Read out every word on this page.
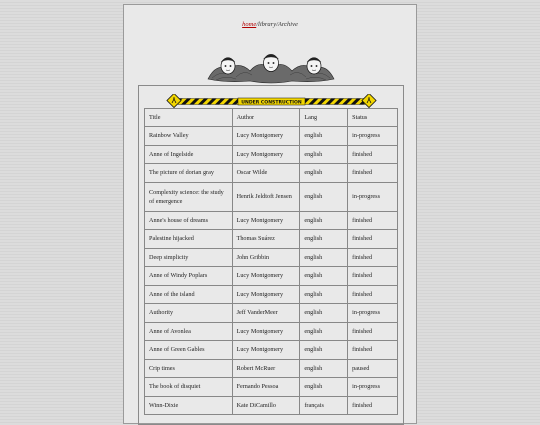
home/library/Archive
UNDER CONSTRUCTION
Title	Author	Lang	Status
Rainbow Valley	Lucy Montgomery	english	in-progress
Anne of Ingelside	Lucy Montgomery	english	finished
The picture of dorian gray	Oscar Wilde	english	finished
Complexity science: the study of emergence	Henrik Jeldtoft Jensen	english	in-progress
Anne's house of dreams	Lucy Montgomery	english	finished
Palestine hijacked	Thomas Suárez	english	finished
Deep simplicity	John Gribbin	english	finished
Anne of Windy Poplars	Lucy Montgomery	english	finished
Anne of the island	Lucy Montgomery	english	finished
Authority	Jeff VanderMeer	english	in-progress
Anne of Avonlea	Lucy Montgomery	english	finished
Anne of Green Gables	Lucy Montgomery	english	finished
Crip times	Robert McRuer	english	paused
The book of disquiet	Fernando Pessoa	english	in-progress
Winn-Dixie	Kate DiCamillo	français	finished
